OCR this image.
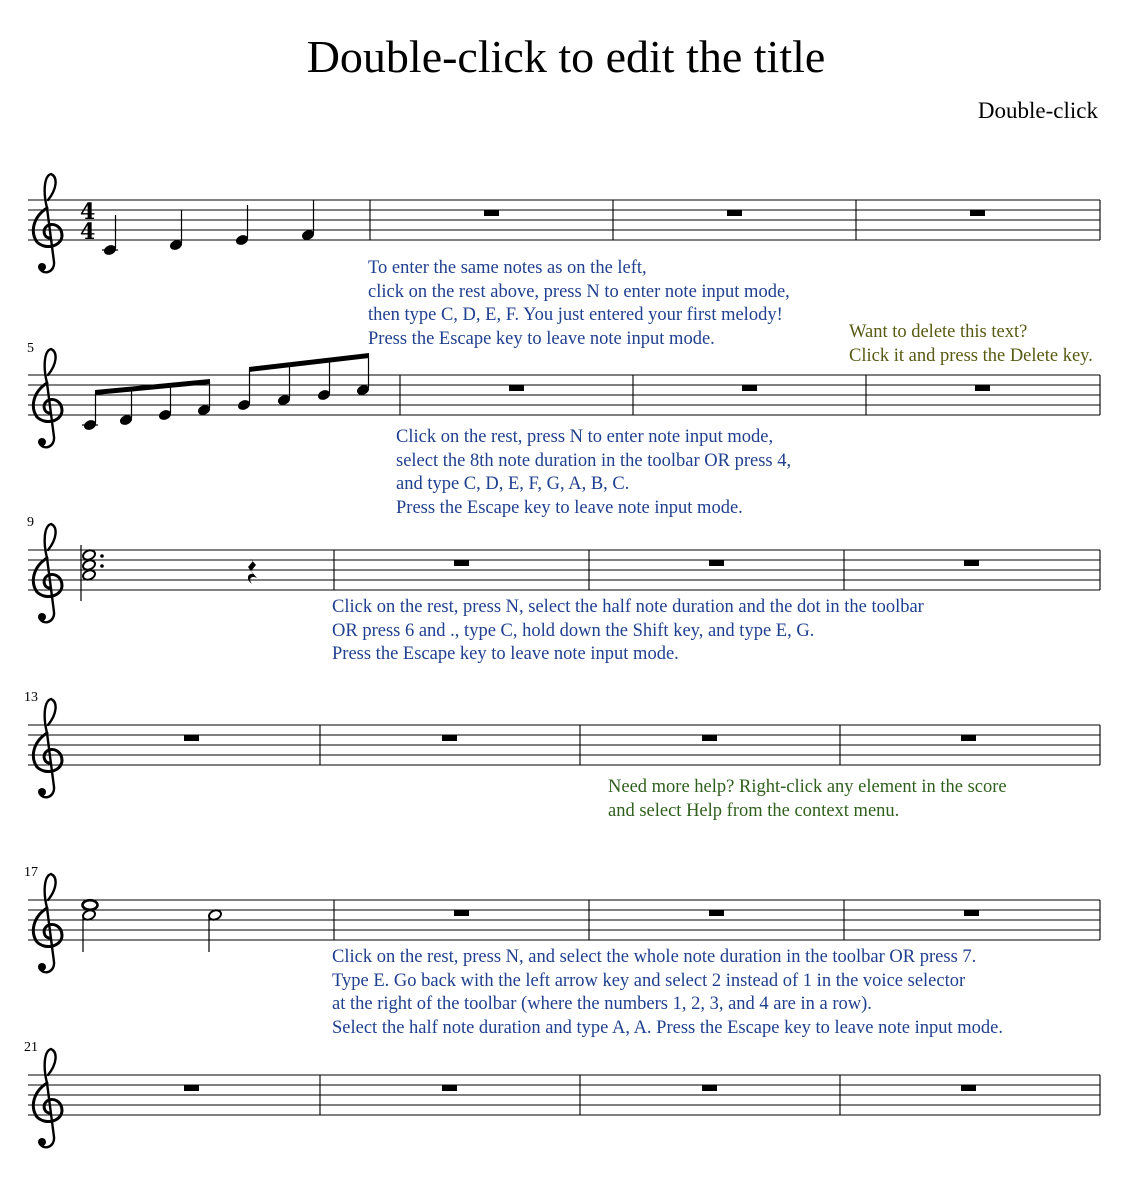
4
4
Double-click to edit the title
Double-click
5
9
13
17
21
To enter the same notes as on the left,
click on the rest above, press N to enter note input mode,
then type C, D, E, F. You just entered your first melody!
Press the Escape key to leave note input mode.	Want to delete this text?
Click it and press the Delete key.
Click on the rest, press N to enter note input mode,
select the 8th note duration in the toolbar OR press 4,
and type C, D, E, F, G, A, B, C.
Press the Escape key to leave note input mode.
Click on the rest, press N, select the half note duration and the dot in the toolbar
OR press 6 and ., type C, hold down the Shift key, and type E, G.
Press the Escape key to leave note input mode.
Need more help? Right-click any element in the score
and select Help from the context menu.
Click on the rest, press N, and select the whole note duration in the toolbar OR press 7.
Type E. Go back with the left arrow key and select 2 instead of 1 in the voice selector
at the right of the toolbar (where the numbers 1, 2, 3, and 4 are in a row).
Select the half note duration and type A, A. Press the Escape key to leave note input mode.
